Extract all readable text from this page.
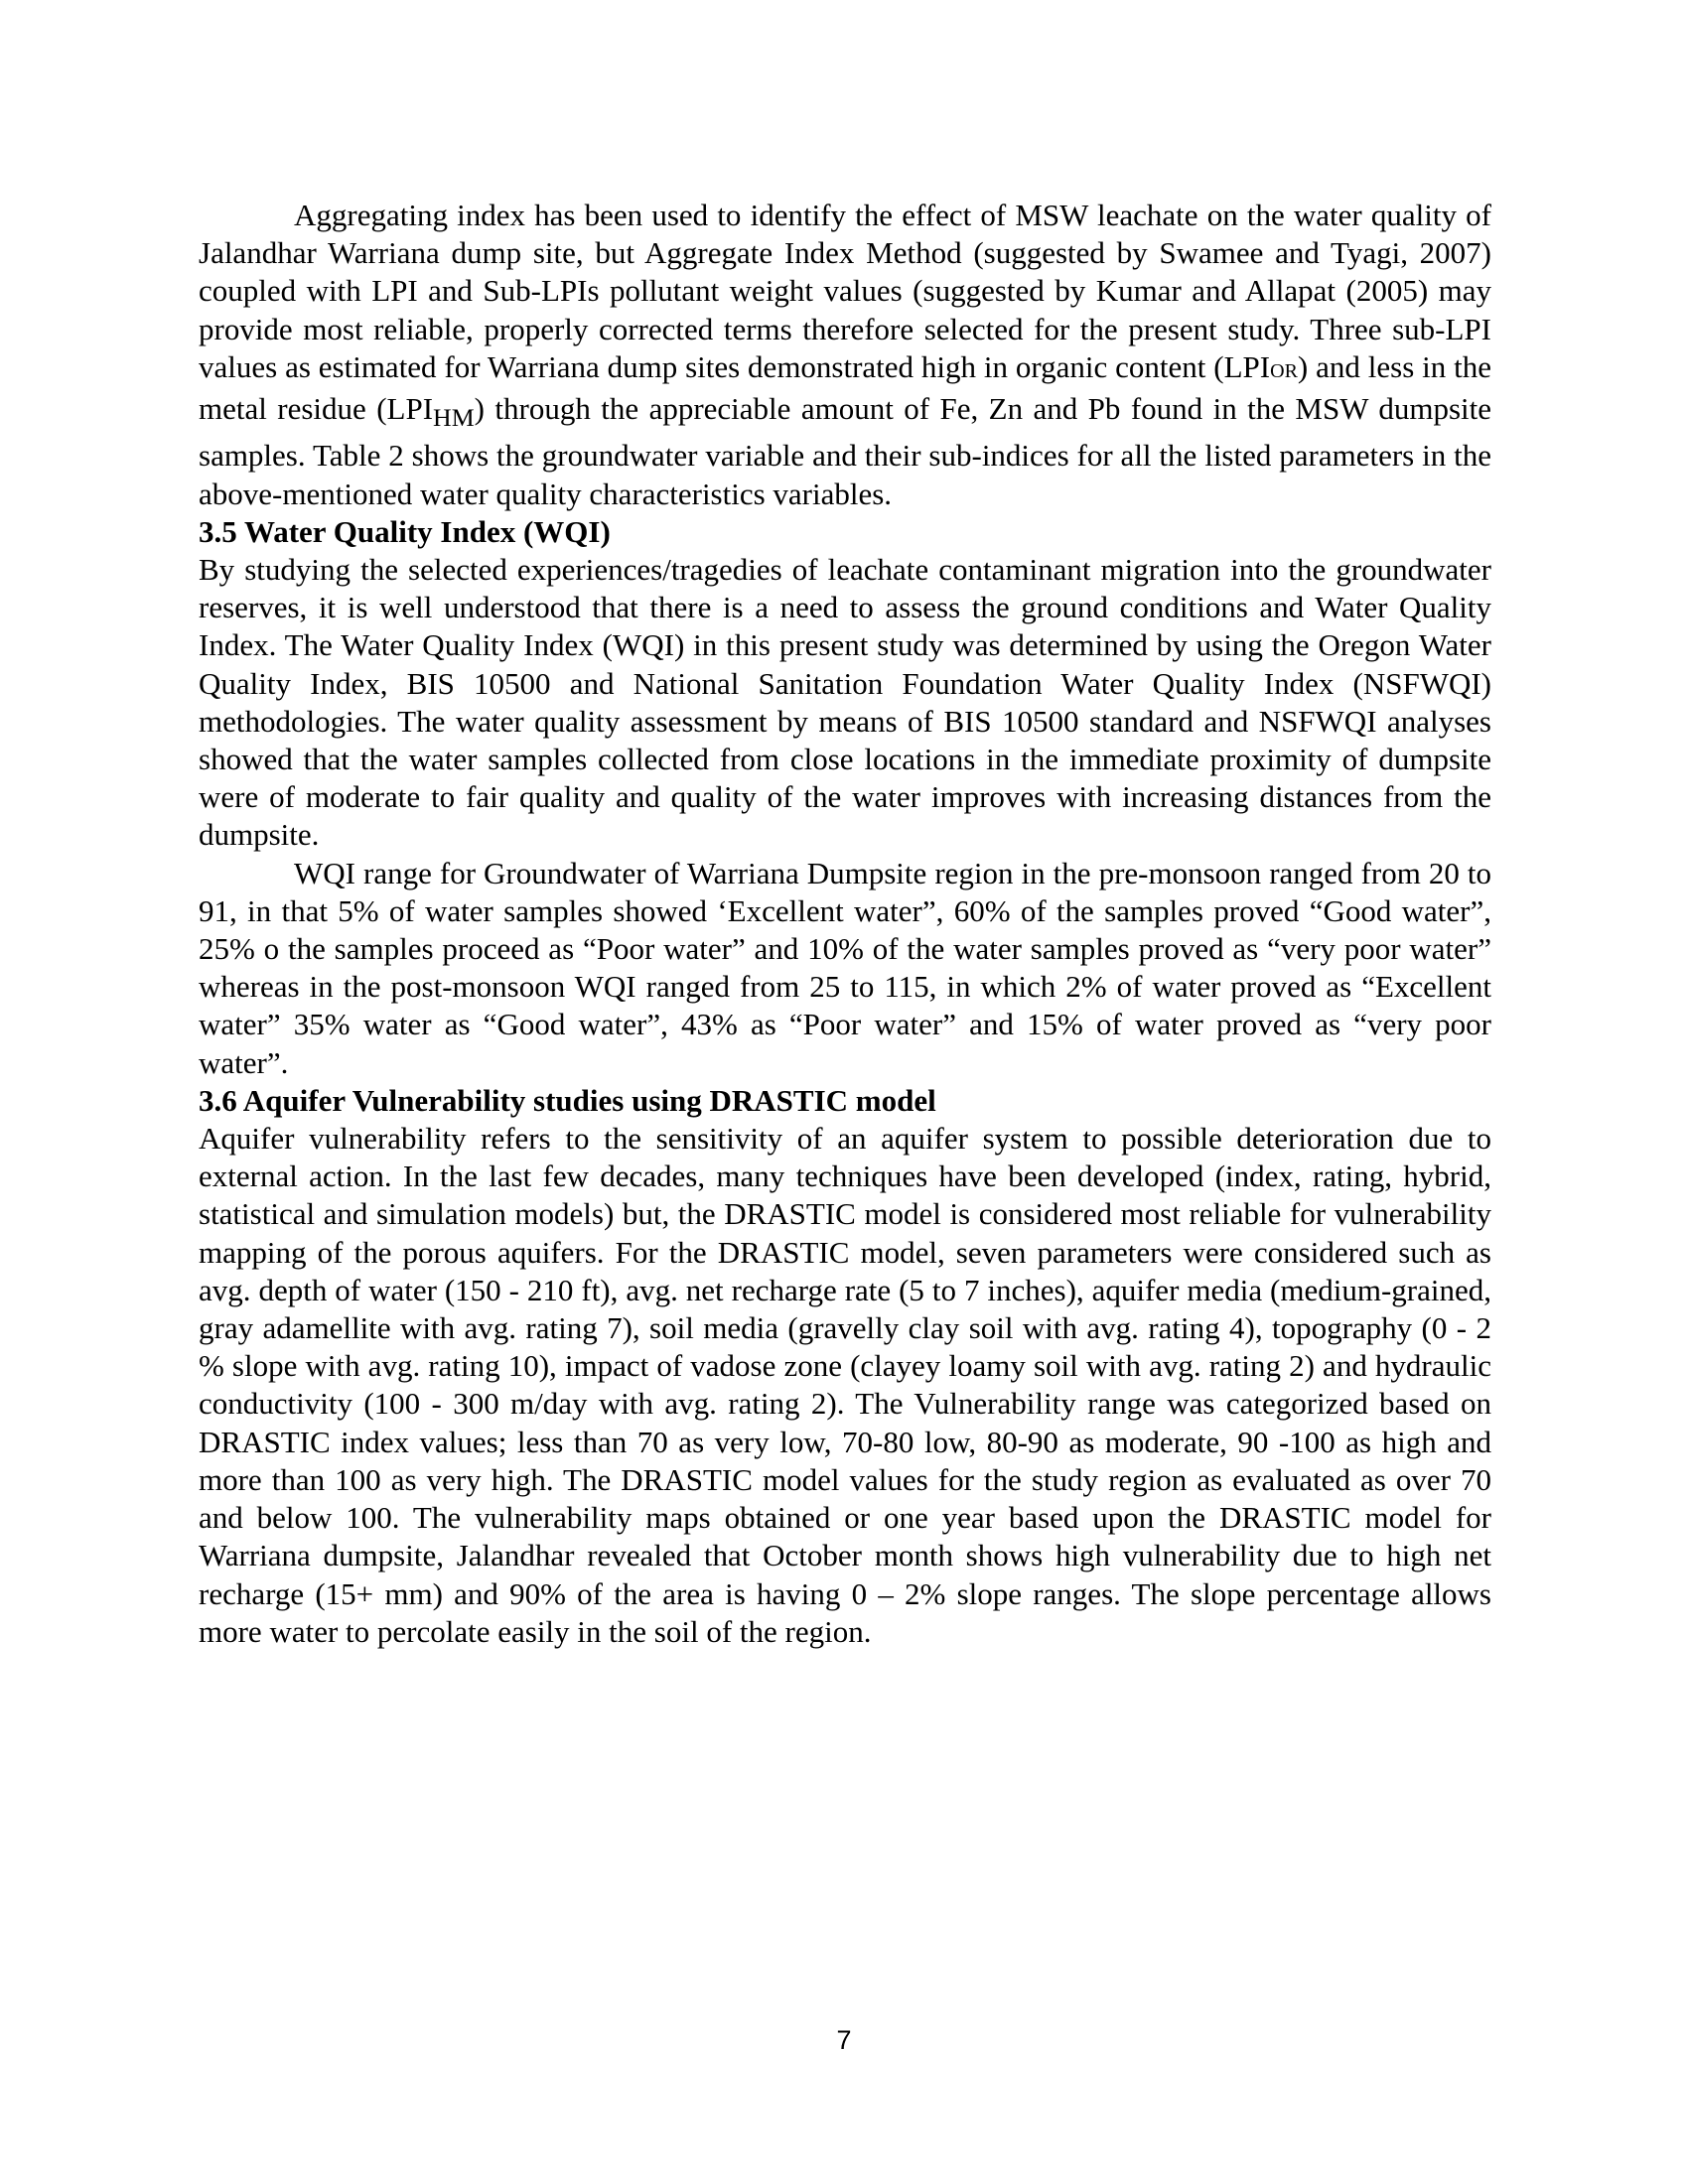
Aggregating index has been used to identify the effect of MSW leachate on the water quality of Jalandhar Warriana dump site, but Aggregate Index Method (suggested by Swamee and Tyagi, 2007) coupled with LPI and Sub-LPIs pollutant weight values (suggested by Kumar and Allapat (2005) may provide most reliable, properly corrected terms therefore selected for the present study. Three sub-LPI values as estimated for Warriana dump sites demonstrated high in organic content (LPIOR) and less in the metal residue $(LPI_{HM})$ through the appreciable amount of Fe, Zn and Pb found in the MSW dumpsite samples. Table 2 shows the groundwater variable and their sub-indices for all the listed parameters in the above-mentioned water quality characteristics variables.

3.5 Water Quality Index (WQI)

By studying the selected experiences/tragedies of leachate contaminant migration into the groundwater reserves, it is well understood that there is a need to assess the ground conditions and Water Quality Index. The Water Quality Index (WQI) in this present study was determined by using the Oregon Water Quality Index, BIS 10500 and National Sanitation Foundation Water Quality Index (NSFWQI) methodologies. The water quality assessment by means of BIS 10500 standard and NSFWQI analyses showed that the water samples collected from close locations in the immediate proximity of dumpsite were of moderate to fair quality and quality of the water improves with increasing distances from the dumpsite.

WQI range for Groundwater of Warriana Dumpsite region in the pre-monsoon ranged from 20 to 91, in that 5% of water samples showed ‘Excellent water”, 60% of the samples proved “Good water”, 25% o the samples proceed as “Poor water” and 10% of the water samples proved as “very poor water” whereas in the post-monsoon WQI ranged from 25 to 115, in which 2% of water proved as “Excellent water” 35% water as “Good water”, 43% as “Poor water” and 15% of water proved as “very poor water”.

3.6 Aquifer Vulnerability studies using DRASTIC model

Aquifer vulnerability refers to the sensitivity of an aquifer system to possible deterioration due to external action. In the last few decades, many techniques have been developed (index, rating, hybrid, statistical and simulation models) but, the DRASTIC model is considered most reliable for vulnerability mapping of the porous aquifers. For the DRASTIC model, seven parameters were considered such as avg. depth of water (150 - 210 ft), avg. net recharge rate (5 to 7 inches), aquifer media (medium-grained, gray adamellite with avg. rating 7), soil media (gravelly clay soil with avg. rating 4), topography (0 - 2 % slope with avg. rating 10), impact of vadose zone (clayey loamy soil with avg. rating 2) and hydraulic conductivity (100 - 300 m/day with avg. rating 2). The Vulnerability range was categorized based on DRASTIC index values; less than 70 as very low, 70-80 low, 80-90 as moderate, 90 -100 as high and more than 100 as very high. The DRASTIC model values for the study region as evaluated as over 70 and below 100. The vulnerability maps obtained or one year based upon the DRASTIC model for Warriana dumpsite, Jalandhar revealed that October month shows high vulnerability due to high net recharge (15+ mm) and 90% of the area is having 0 – 2% slope ranges. The slope percentage allows more water to percolate easily in the soil of the region.

7
